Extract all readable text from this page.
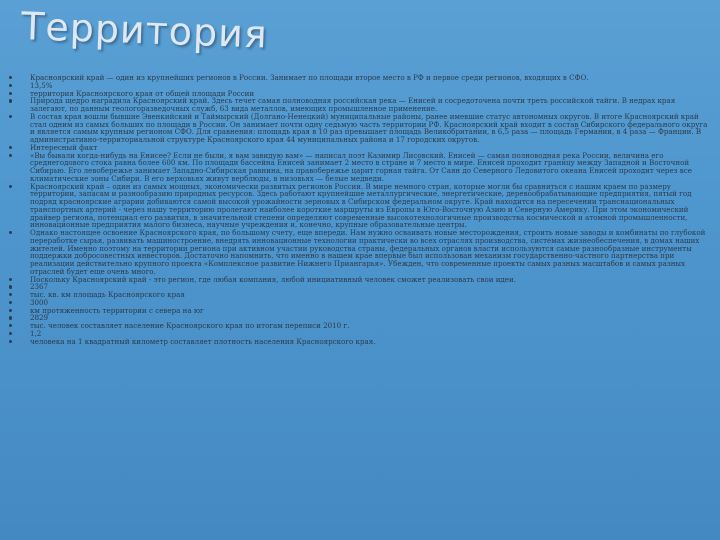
Территория
Красноярский край — один из крупнейших регионов в России. Занимает по площади второе место в РФ и первое среди регионов, входящих в СФО.
13,5%
территория Красноярского края от общей площади России
Природа щедро наградила Красноярский край. Здесь течет самая полноводная российская река — Енисей и сосредоточена почти треть российской тайги. В недрах края залегают, по данным геологоразведочных служб, 63 вида металлов, имеющих промышленное применение.
В состав края вошли бывшие Эвенкийский и Таймырский (Долгано-Ненецкий) муниципальные районы, ранее имевшие статус автономных округов. В итоге Красноярский край стал одним из самых больших по площади в России. Он занимает почти одну седьмую часть территории РФ. Красноярский край входит в состав Сибирского федерального округа и является самым крупным регионом СФО. Для сравнения: площадь края в 10 раз превышает площадь Великобритании, в 6,5 раза — площадь Германии, в 4 раза — Франции. В административно-территориальной структуре Красноярского края 44 муниципальных района и 17 городских округов.
Интересный факт
«Вы бывали когда-нибудь на Енисее? Если не были, я вам завидую вам» — написал поэт Казимир Лисовский. Енисей — самая полноводная река России, величина его среднегодового стока равна более 600 км. По площади бассейна Енисей занимает 2 место в стране и 7 место в мире. Енисей проходит границу между Западной и Восточной Сибирью. Его левобережье занимает Западно-Сибирская равнина, на правобережье царит горная тайга. От Саян до Северного Ледовитого океана Енисей проходит через все климатические зоны Сибири. В его верховьях живут верблюды, в низовьях — белые медведи.
Красноярский край – один из самых мощных, экономически развитых регионов России. В мире немного стран, которые могли бы сравниться с нашим краем по размеру территории, запасам и разнообразию природных ресурсов. Здесь работают крупнейшие металлургические, энергетические, деревообрабатывающие предприятия, пятый год подряд красноярские аграрии добиваются самой высокой урожайности зерновых в Сибирском федеральном округе. Край находится на пересечении транснациональных транспортных артерий - через нашу территорию пролегают наиболее короткие маршруты из Европы в Юго-Восточную Азию и Северную Америку. При этом экономический драйвер региона, потенциал его развития, в значительной степени определяют современные высокотехнологичные производства космической и атомной промышленности, инновационные предприятия малого бизнеса, научные учреждения и, конечно, крупные образовательные центры.
Однако настоящее освоение Красноярского края, по большому счету, еще впереди. Нам нужно осваивать новые месторождения, строить новые заводы и комбинаты по глубокой переработке сырья, развивать машиностроение, внедрять инновационные технологии практически во всех отраслях производства, системах жизнеобеспечения, в домах наших жителей. Именно поэтому на территории региона при активном участии руководства страны, федеральных органов власти используются самые разнообразные инструменты поддержки добросовестных инвесторов. Достаточно напомнить, что именно в нашем крае впервые был использован механизм государственно-частного партнерства при реализации действительно крупного проекта «Комплексное развитие Нижнего Приангарья». Убежден, что современные проекты самых разных масштабов и самых разных отраслей будет еще очень много.
Поскольку Красноярский край - это регион, где любая компания, любой инициативный человек сможет реализовать свои идеи.
2367
тыс. кв. км площадь Красноярского края
3000
км протяженность территории с севера на юг
2829
тыс. человек составляет население Красноярского края по итогам переписи 2010 г.
1,2
человека на 1 квадратный километр составляет плотность населения Красноярского края.
